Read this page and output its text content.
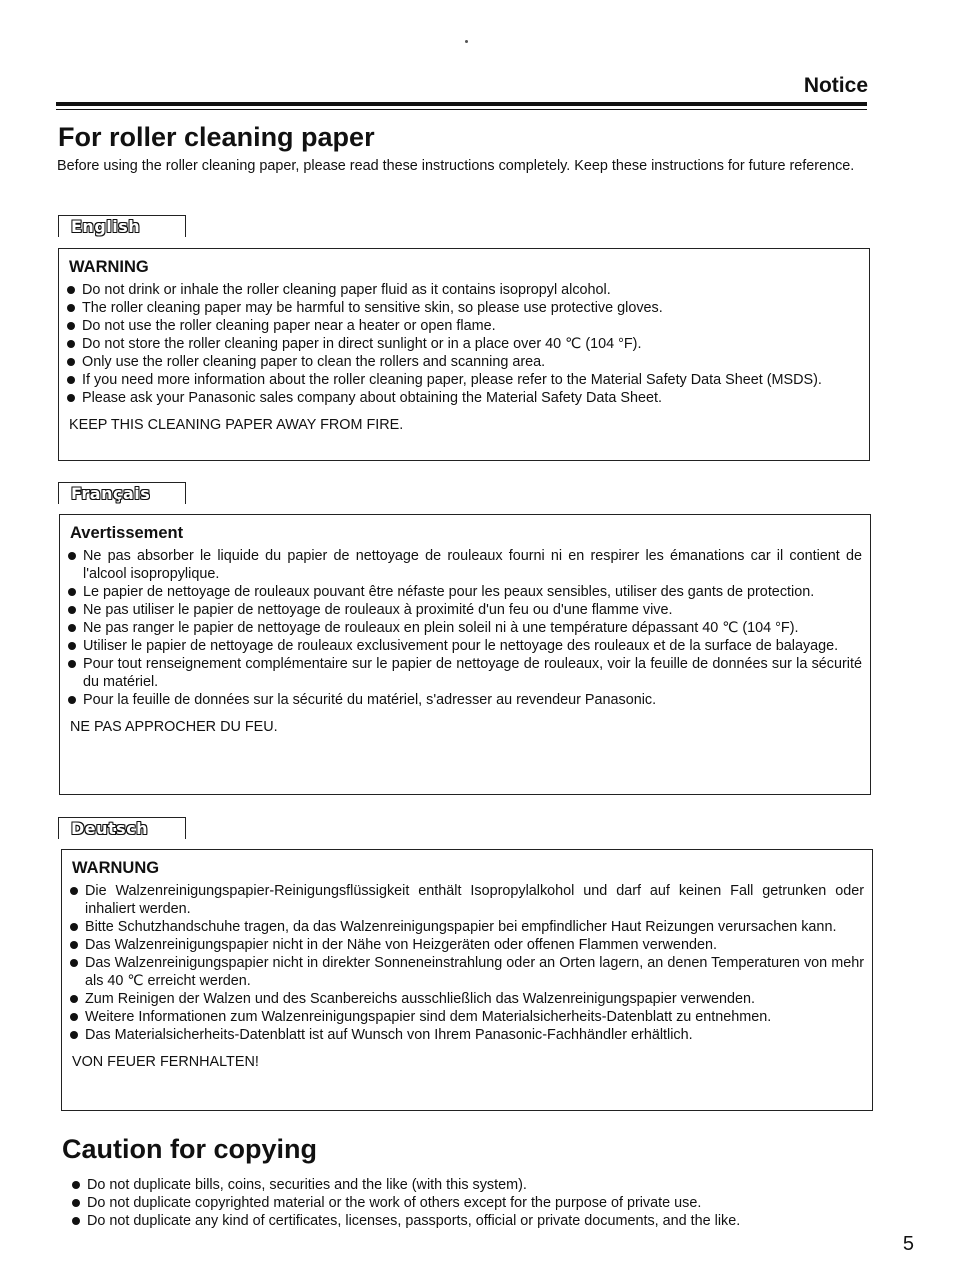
Notice
For roller cleaning paper

Before using the roller cleaning paper, please read these instructions completely. Keep these instructions for future reference.

English
WARNING
Do not drink or inhale the roller cleaning paper fluid as it contains isopropyl alcohol.
The roller cleaning paper may be harmful to sensitive skin, so please use protective gloves.
Do not use the roller cleaning paper near a heater or open flame.
Do not store the roller cleaning paper in direct sunlight or in a place over 40 ℃ (104 °F).
Only use the roller cleaning paper to clean the rollers and scanning area.
If you need more information about the roller cleaning paper, please refer to the Material Safety Data Sheet (MSDS).
Please ask your Panasonic sales company about obtaining the Material Safety Data Sheet.
KEEP THIS CLEANING PAPER AWAY FROM FIRE.
Français
Avertissement
Ne pas absorber le liquide du papier de nettoyage de rouleaux fourni ni en respirer les émanations car il contient de l'alcool isopropylique.
Le papier de nettoyage de rouleaux pouvant être néfaste pour les peaux sensibles, utiliser des gants de protection.
Ne pas utiliser le papier de nettoyage de rouleaux à proximité d'un feu ou d'une flamme vive.
Ne pas ranger le papier de nettoyage de rouleaux en plein soleil ni à une température dépassant 40 ℃ (104 °F).
Utiliser le papier de nettoyage de rouleaux exclusivement pour le nettoyage des rouleaux et de la surface de balayage.
Pour tout renseignement complémentaire sur le papier de nettoyage de rouleaux, voir la feuille de données sur la sécurité du matériel.
Pour la feuille de données sur la sécurité du matériel, s'adresser au revendeur Panasonic.
NE PAS APPROCHER DU FEU.
Deutsch
WARNUNG
Die Walzenreinigungspapier-Reinigungsflüssigkeit enthält Isopropylalkohol und darf auf keinen Fall getrunken oder inhaliert werden.
Bitte Schutzhandschuhe tragen, da das Walzenreinigungspapier bei empfindlicher Haut Reizungen verursachen kann.
Das Walzenreinigungspapier nicht in der Nähe von Heizgeräten oder offenen Flammen verwenden.
Das Walzenreinigungspapier nicht in direkter Sonneneinstrahlung oder an Orten lagern, an denen Temperaturen von mehr als 40 ℃ erreicht werden.
Zum Reinigen der Walzen und des Scanbereichs ausschließlich das Walzenreinigungspapier verwenden.
Weitere Informationen zum Walzenreinigungspapier sind dem Materialsicherheits-Datenblatt zu entnehmen.
Das Materialsicherheits-Datenblatt ist auf Wunsch von Ihrem Panasonic-Fachhändler erhältlich.
VON FEUER FERNHALTEN!
Caution for copying
Do not duplicate bills, coins, securities and the like (with this system).
Do not duplicate copyrighted material or the work of others except for the purpose of private use.
Do not duplicate any kind of certificates, licenses, passports, official or private documents, and the like.
5
